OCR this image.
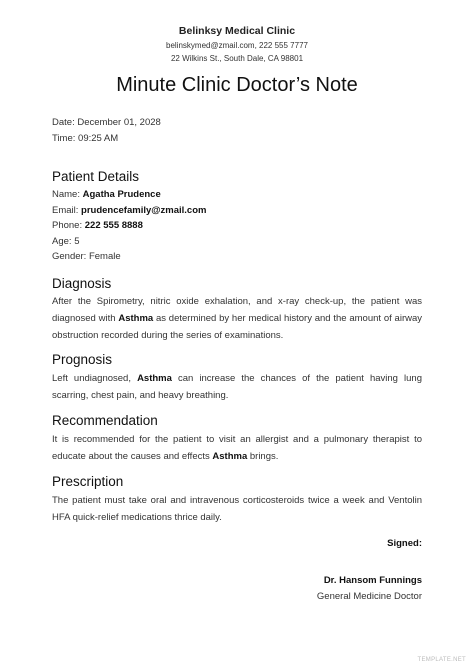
Belinksy Medical Clinic
belinskymed@zmail.com, 222 555 7777
22 Wilkins St., South Dale, CA 98801
Minute Clinic Doctor’s Note
Date: December 01, 2028
Time: 09:25 AM
Patient Details
Name: Agatha Prudence
Email: prudencefamily@zmail.com
Phone: 222 555 8888
Age: 5
Gender: Female
Diagnosis
After the Spirometry, nitric oxide exhalation, and x-ray check-up, the patient was diagnosed with Asthma as determined by her medical history and the amount of airway obstruction recorded during the series of examinations.
Prognosis
Left undiagnosed, Asthma can increase the chances of the patient having lung scarring, chest pain, and heavy breathing.
Recommendation
It is recommended for the patient to visit an allergist and a pulmonary therapist to educate about the causes and effects Asthma brings.
Prescription
The patient must take oral and intravenous corticosteroids twice a week and Ventolin HFA quick-relief medications thrice daily.
Signed:
Dr. Hansom Funnings
General Medicine Doctor
TEMPLATE.NET
